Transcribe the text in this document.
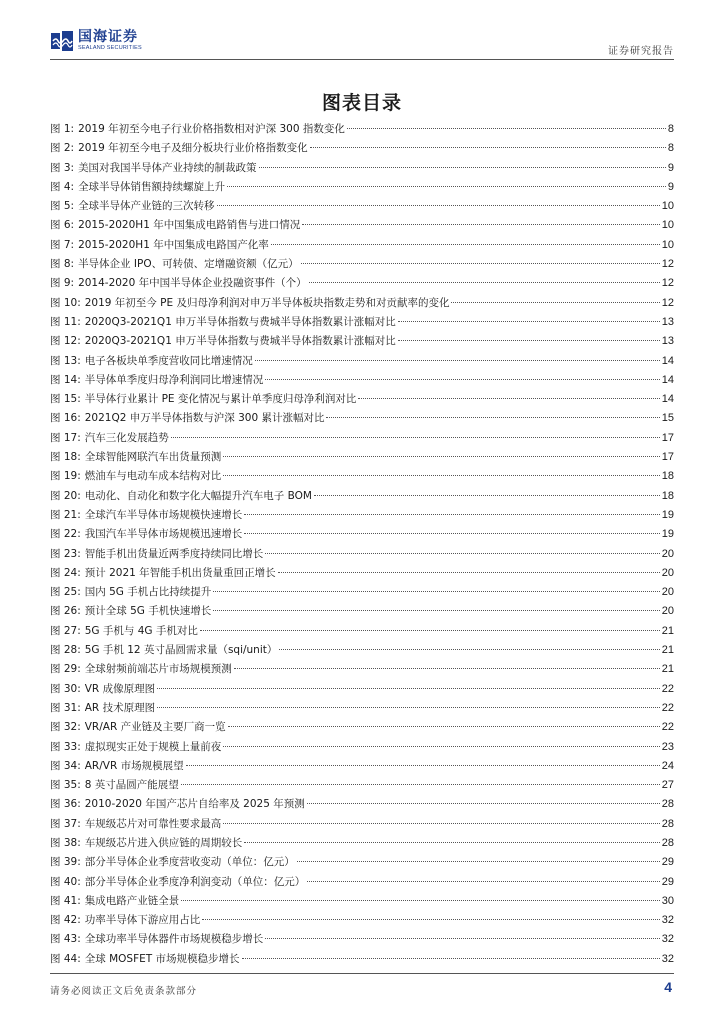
国海证券
SEALAND SECURITIES	证券研究报告
图表目录
图 1: 2019 年初至今电子行业价格指数相对沪深 300 指数变化	8
图 2: 2019 年初至今电子及细分板块行业价格指数变化	8
图 3: 美国对我国半导体产业持续的制裁政策	9
图 4: 全球半导体销售额持续螺旋上升	9
图 5: 全球半导体产业链的三次转移	10
图 6: 2015-2020H1 年中国集成电路销售与进口情况	10
图 7: 2015-2020H1 年中国集成电路国产化率	10
图 8: 半导体企业 IPO、可转债、定增融资额（亿元）	12
图 9: 2014-2020 年中国半导体企业投融资事件（个）	12
图 10: 2019 年初至今 PE 及归母净利润对申万半导体板块指数走势和对贡献率的变化	12
图 11: 2020Q3-2021Q1 申万半导体指数与费城半导体指数累计涨幅对比	13
图 12: 2020Q3-2021Q1 申万半导体指数与费城半导体指数累计涨幅对比	13
图 13: 电子各板块单季度营收同比增速情况	14
图 14: 半导体单季度归母净利润同比增速情况	14
图 15: 半导体行业累计 PE 变化情况与累计单季度归母净利润对比	14
图 16: 2021Q2 申万半导体指数与沪深 300 累计涨幅对比	15
图 17: 汽车三化发展趋势	17
图 18: 全球智能网联汽车出货量预测	17
图 19: 燃油车与电动车成本结构对比	18
图 20: 电动化、自动化和数字化大幅提升汽车电子 BOM	18
图 21: 全球汽车半导体市场规模快速增长	19
图 22: 我国汽车半导体市场规模迅速增长	19
图 23: 智能手机出货量近两季度持续同比增长	20
图 24: 预计 2021 年智能手机出货量重回正增长	20
图 25: 国内 5G 手机占比持续提升	20
图 26: 预计全球 5G 手机快速增长	20
图 27: 5G 手机与 4G 手机对比	21
图 28: 5G 手机 12 英寸晶圆需求量（sqi/unit）	21
图 29: 全球射频前端芯片市场规模预测	21
图 30: VR 成像原理图	22
图 31: AR 技术原理图	22
图 32: VR/AR 产业链及主要厂商一览	22
图 33: 虚拟现实正处于规模上量前夜	23
图 34: AR/VR 市场规模展望	24
图 35: 8 英寸晶圆产能展望	27
图 36: 2010-2020 年国产芯片自给率及 2025 年预测	28
图 37: 车规级芯片对可靠性要求最高	28
图 38: 车规级芯片进入供应链的周期较长	28
图 39: 部分半导体企业季度营收变动（单位：亿元）	29
图 40: 部分半导体企业季度净利润变动（单位：亿元）	29
图 41: 集成电路产业链全景	30
图 42: 功率半导体下游应用占比	32
图 43: 全球功率半导体器件市场规模稳步增长	32
图 44: 全球 MOSFET 市场规模稳步增长	32
请务必阅读正文后免责条款部分	4
